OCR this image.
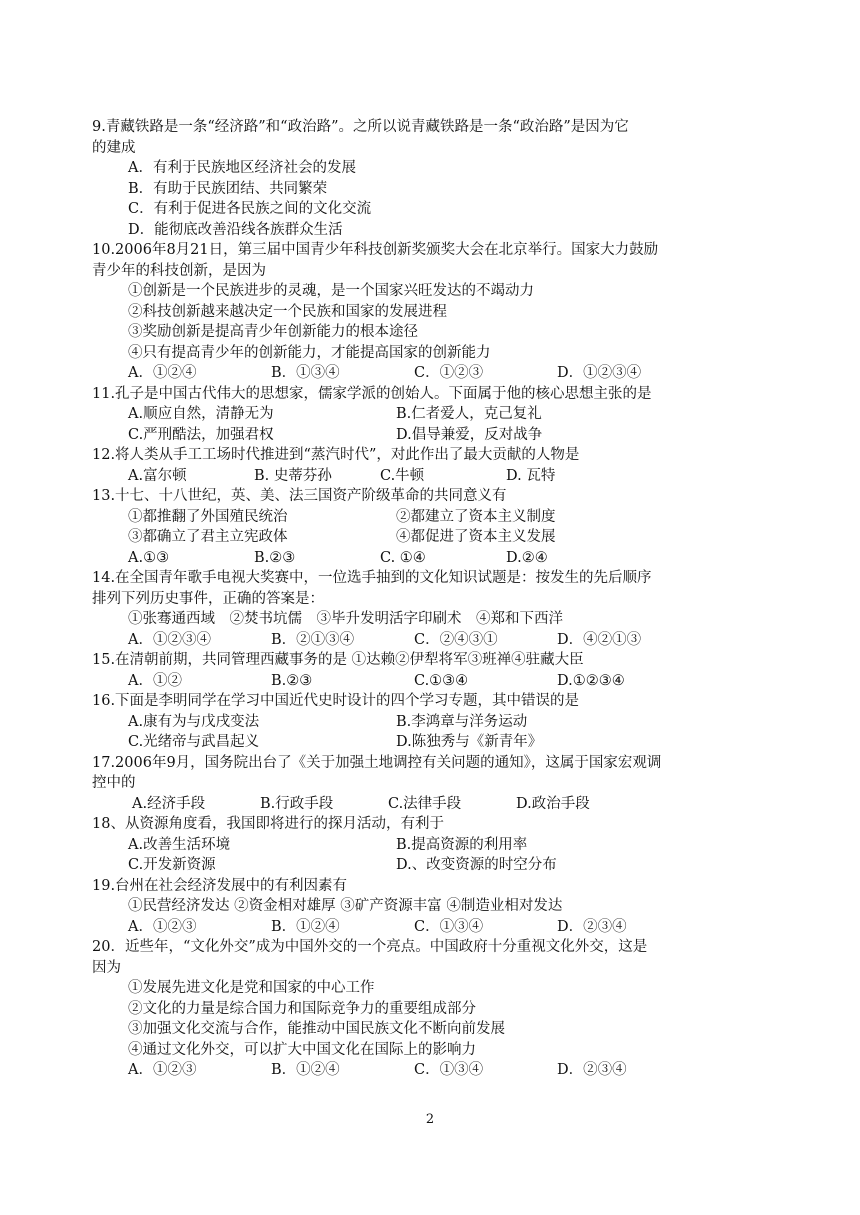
9.青藏铁路是一条“经济路”和“政治路”。之所以说青藏铁路是一条“政治路”是因为它
的建成
A．有利于民族地区经济社会的发展
B．有助于民族团结、共同繁荣
C．有利于促进各民族之间的文化交流
D．能彻底改善沿线各族群众生活
10.2006年8月21日，第三届中国青少年科技创新奖颁奖大会在北京举行。国家大力鼓励
青少年的科技创新，是因为
①创新是一个民族进步的灵魂，是一个国家兴旺发达的不竭动力
②科技创新越来越决定一个民族和国家的发展进程
③奖励创新是提高青少年创新能力的根本途径
④只有提高青少年的创新能力，才能提高国家的创新能力
A．①②④	B．①③④	C．①②③	D．①②③④
11.孔子是中国古代伟大的思想家，儒家学派的创始人。下面属于他的核心思想主张的是
A.顺应自然，清静无为	B.仁者爱人，克己复礼
C.严刑酷法，加强君权	D.倡导兼爱，反对战争
12.将人类从手工工场时代推进到“蒸汽时代”，对此作出了最大贡献的人物是
A.富尔顿	B. 史蒂芬孙	C.牛顿	D. 瓦特
13.十七、十八世纪，英、美、法三国资产阶级革命的共同意义有
①都推翻了外国殖民统治	②都建立了资本主义制度
③都确立了君主立宪政体	④都促进了资本主义发展
A.①③	B.②③	C. ①④	D.②④
14.在全国青年歌手电视大奖赛中，一位选手抽到的文化知识试题是：按发生的先后顺序
排列下列历史事件，正确的答案是：
①张骞通西域　②焚书坑儒　③毕升发明活字印刷术　④郑和下西洋
A．①②③④	B．②①③④	C．②④③①	D．④②①③
15.在清朝前期，共同管理西藏事务的是 ①达赖②伊犁将军③班禅④驻藏大臣
A．①②	B.②③	C.①③④	D.①②③④
16.下面是李明同学在学习中国近代史时设计的四个学习专题，其中错误的是
A.康有为与戊戌变法	B.李鸿章与洋务运动
C.光绪帝与武昌起义	D.陈独秀与《新青年》
17.2006年9月，国务院出台了《关于加强土地调控有关问题的通知》，这属于国家宏观调
控中的
A.经济手段	B.行政手段	C.法律手段	D.政治手段
18、从资源角度看，我国即将进行的探月活动，有利于
A.改善生活环境	B.提高资源的利用率
C.开发新资源	D.、改变资源的时空分布
19.台州在社会经济发展中的有利因素有
①民营经济发达 ②资金相对雄厚 ③矿产资源丰富 ④制造业相对发达
A．①②③	B．①②④	C．①③④	D．②③④
20．近些年，“文化外交”成为中国外交的一个亮点。中国政府十分重视文化外交，这是
因为
①发展先进文化是党和国家的中心工作
②文化的力量是综合国力和国际竞争力的重要组成部分
③加强文化交流与合作，能推动中国民族文化不断向前发展
④通过文化外交，可以扩大中国文化在国际上的影响力
A．①②③	B．①②④	C．①③④	D．②③④
2
